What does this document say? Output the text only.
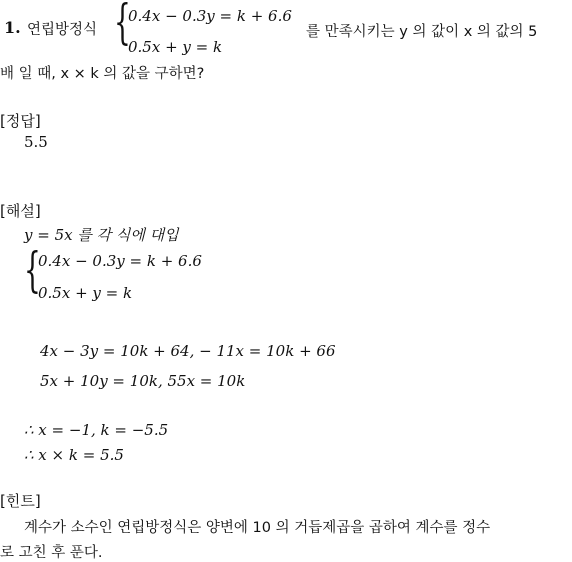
1. 연립방정식 {
0.4x − 0.3y = k + 6.6
0.5x + y = k
를 만족시키는 y 의 값이 x 의 값의 5
배 일 때, x × k 의 값을 구하면?
[정답]
5.5
[해설]
y = 5x 를 각 식에 대입
{
0.4x − 0.3y = k + 6.6
0.5x + y = k
4x − 3y = 10k + 64, − 11x = 10k + 66
5x + 10y = 10k, 55x = 10k
∴ x = −1, k = −5.5
∴ x × k = 5.5
[힌트]
계수가 소수인 연립방정식은 양변에 10 의 거듭제곱을 곱하여 계수를 정수
로 고친 후 푼다.
